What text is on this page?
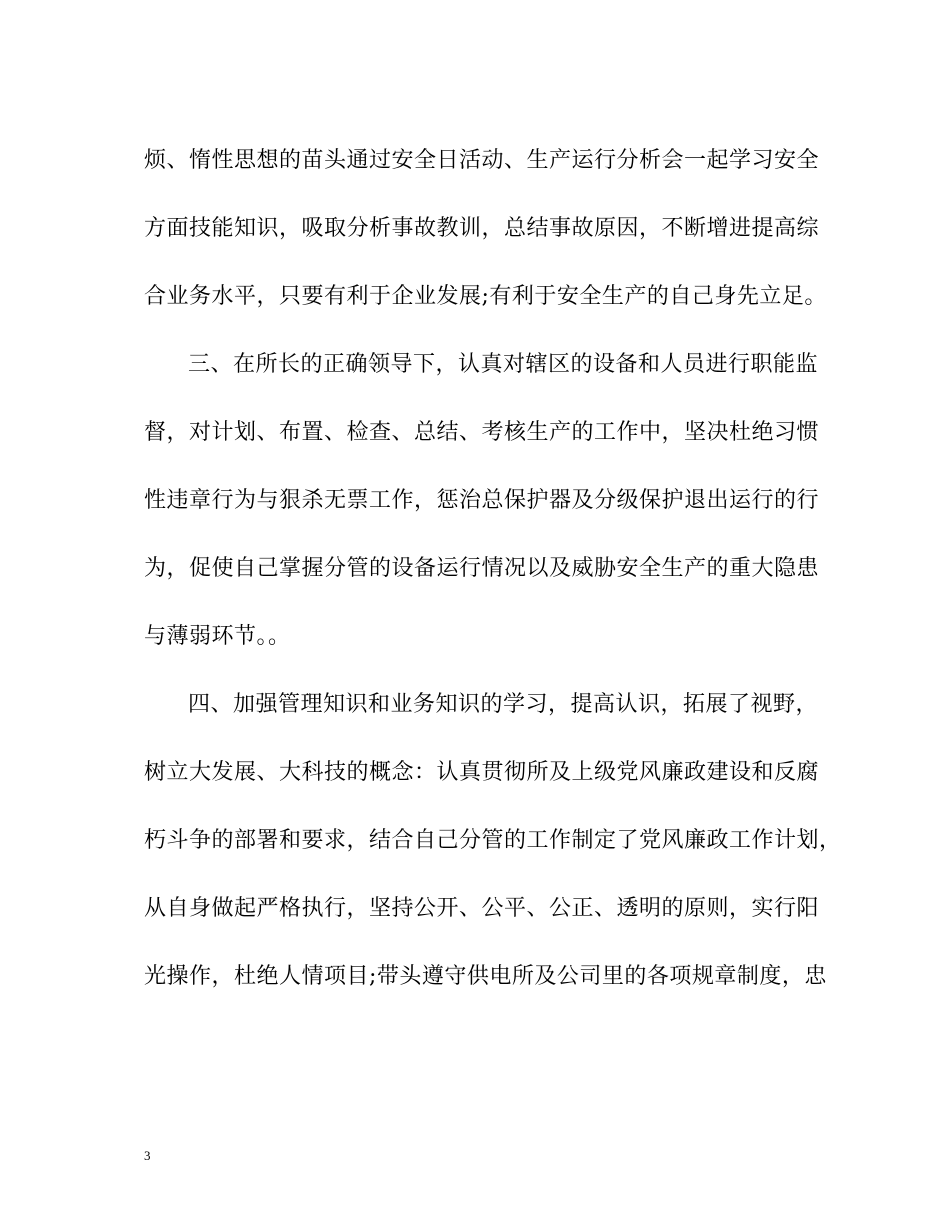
烦、惰性思想的苗头通过安全日活动、生产运行分析会一起学习安全
方面技能知识，吸取分析事故教训，总结事故原因，不断增进提高综
合业务水平，只要有利于企业发展;有利于安全生产的自己身先立足。
三、在所长的正确领导下，认真对辖区的设备和人员进行职能监
督，对计划、布置、检查、总结、考核生产的工作中，坚决杜绝习惯
性违章行为与狠杀无票工作，惩治总保护器及分级保护退出运行的行
为，促使自己掌握分管的设备运行情况以及威胁安全生产的重大隐患
与薄弱环节。。
四、加强管理知识和业务知识的学习，提高认识，拓展了视野，
树立大发展、大科技的概念：认真贯彻所及上级党风廉政建设和反腐
朽斗争的部署和要求，结合自己分管的工作制定了党风廉政工作计划，
从自身做起严格执行，坚持公开、公平、公正、透明的原则，实行阳
光操作，杜绝人情项目;带头遵守供电所及公司里的各项规章制度，忠
3
